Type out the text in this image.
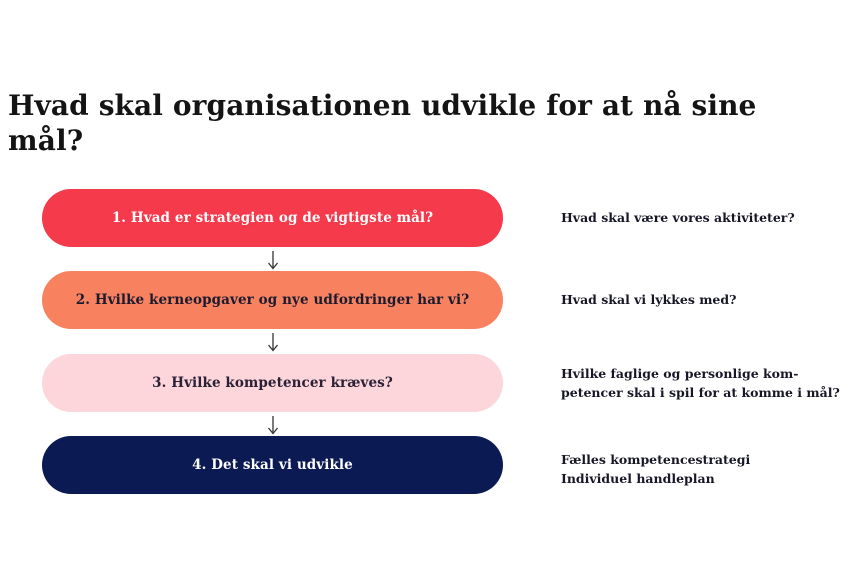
Hvad skal organisationen udvikle for at nå sine mål?
1. Hvad er strategien og de vigtigste mål?
2. Hvilke kerneopgaver og nye udfordringer har vi?
3. Hvilke kompetencer kræves?
4. Det skal vi udvikle
Hvad skal være vores aktiviteter?
Hvad skal vi lykkes med?
Hvilke faglige og personlige kom-
petencer skal i spil for at komme i mål?
Fælles kompetencestrategi
Individuel handleplan
